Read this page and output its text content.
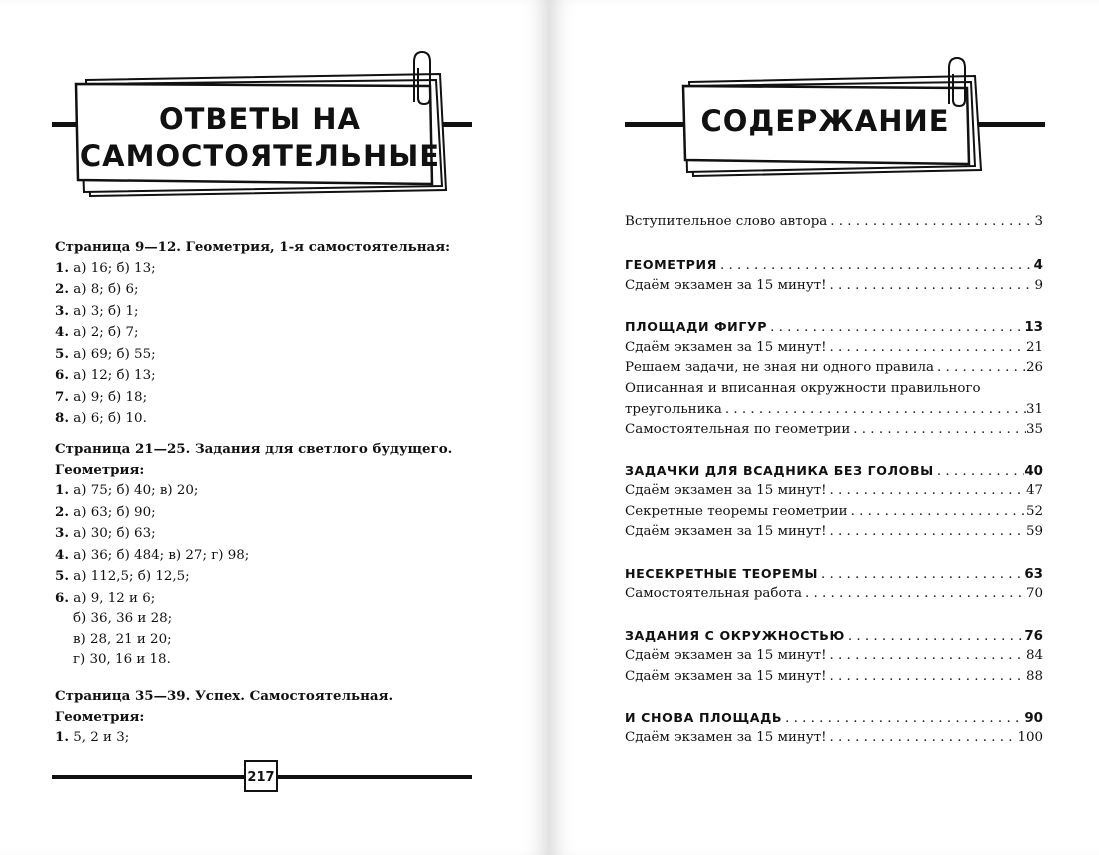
ОТВЕТЫ НА
САМОСТОЯТЕЛЬНЫЕ
Страница 9—12. Геометрия, 1-я самостоятельная:
1. а) 16; б) 13;
2. а) 8; б) 6;
3. а) 3; б) 1;
4. а) 2; б) 7;
5. а) 69; б) 55;
6. а) 12; б) 13;
7. а) 9; б) 18;
8. а) 6; б) 10.
Страница 21—25. Задания для светлого будущего.
Геометрия:
1. а) 75; б) 40; в) 20;
2. а) 63; б) 90;
3. а) 30; б) 63;
4. а) 36; б) 484; в) 27; г) 98;
5. а) 112,5; б) 12,5;
6. а) 9, 12 и 6;
б) 36, 36 и 28;
в) 28, 21 и 20;
г) 30, 16 и 18.
Страница 35—39. Успех. Самостоятельная.
Геометрия:
1. 5, 2 и 3;
217
СОДЕРЖАНИЕ
Вступительное слово автора . . .	3
ГЕОМЕТРИЯ . . .	4
Сдаём экзамен за 15 минут! . . .	9
ПЛОЩАДИ ФИГУР . . .	13
Сдаём экзамен за 15 минут! . . .	21
Решаем задачи, не зная ни одного правила . . .	26
Описанная и вписанная окружности правильного
треугольника . . .	31
Самостоятельная по геометрии . . .	35
ЗАДАЧКИ ДЛЯ ВСАДНИКА БЕЗ ГОЛОВЫ . . .	40
Сдаём экзамен за 15 минут! . . .	47
Секретные теоремы геометрии . . .	52
Сдаём экзамен за 15 минут! . . .	59
НЕСЕКРЕТНЫЕ ТЕОРЕМЫ . . .	63
Самостоятельная работа . . .	70
ЗАДАНИЯ С ОКРУЖНОСТЬЮ . . .	76
Сдаём экзамен за 15 минут! . . .	84
Сдаём экзамен за 15 минут! . . .	88
И СНОВА ПЛОЩАДЬ . . .	90
Сдаём экзамен за 15 минут! . . .	100
